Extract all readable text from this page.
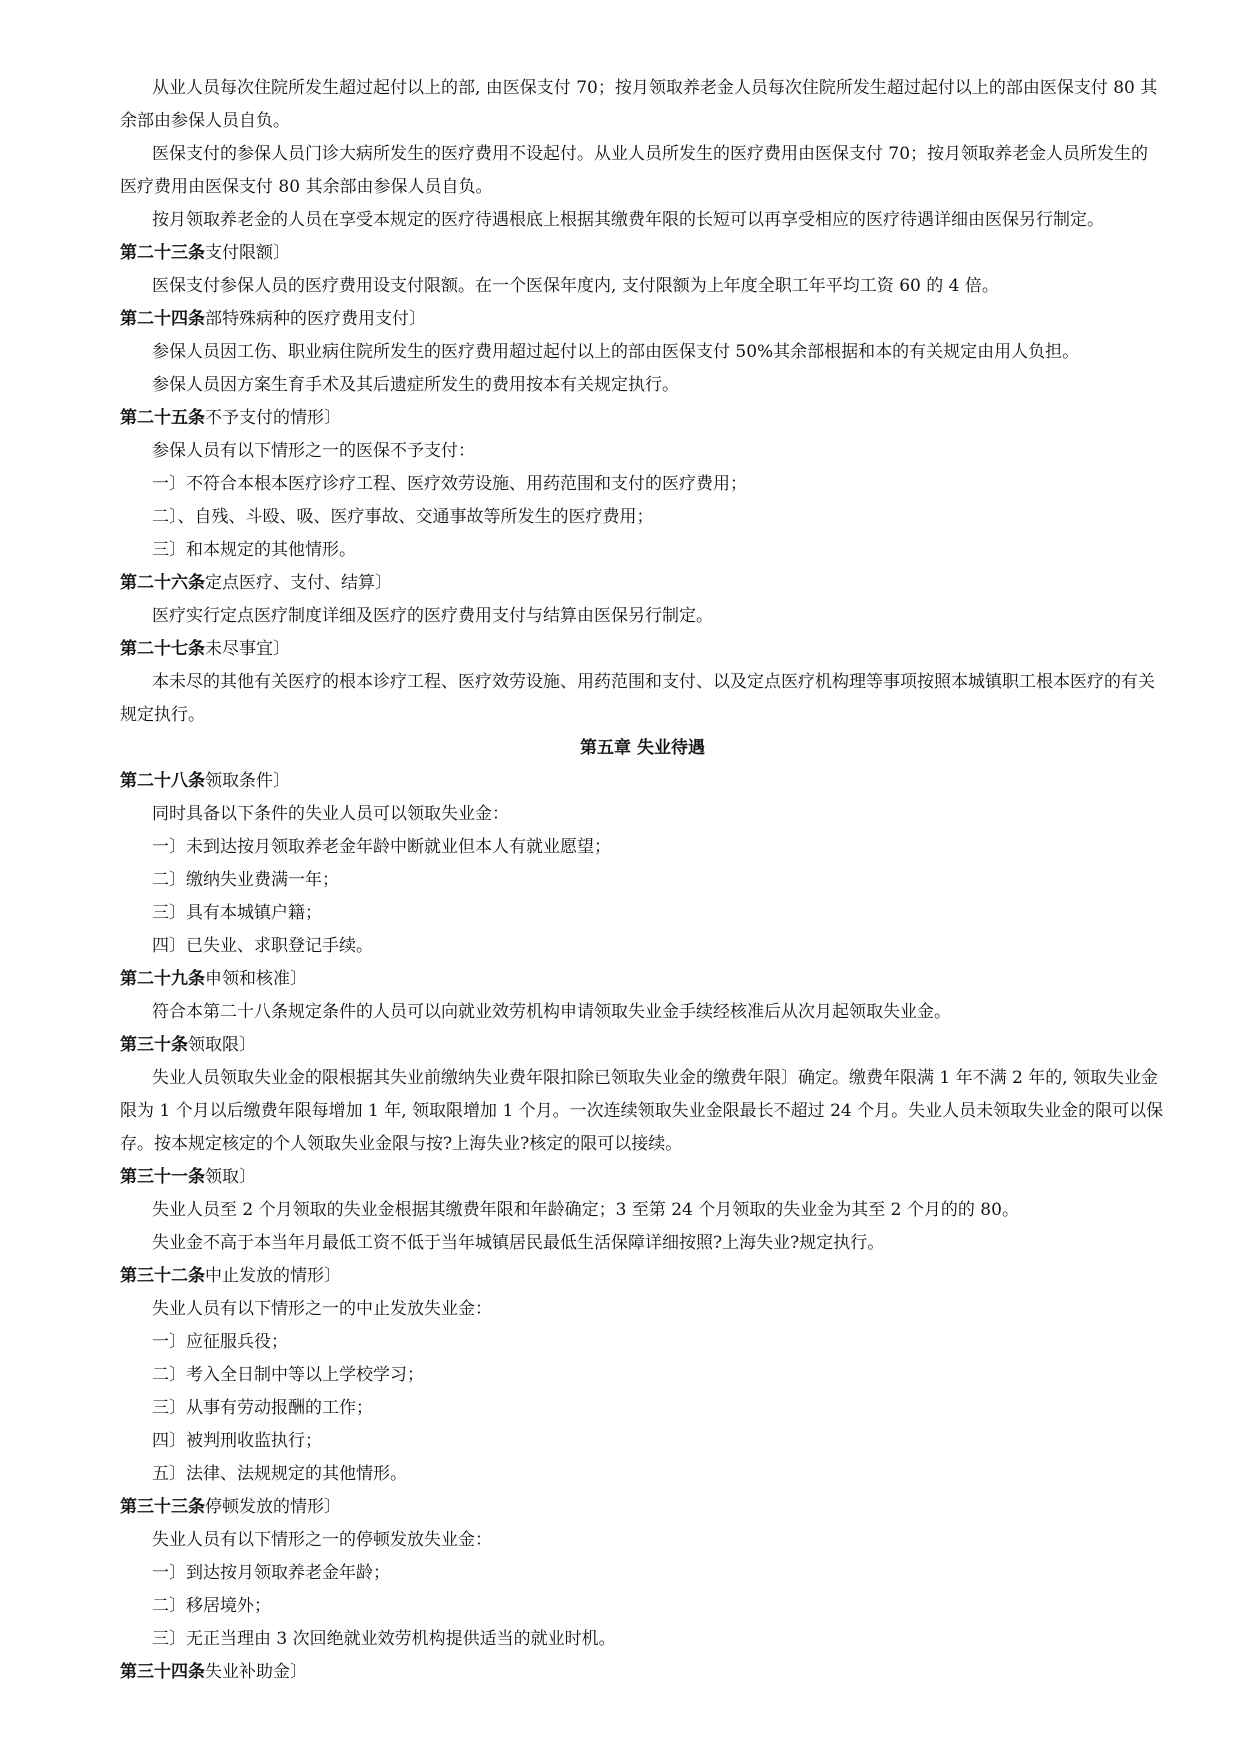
从业人员每次住院所发生超过起付以上的部, 由医保支付 70；按月领取养老金人员每次住院所发生超过起付以上的部由医保支付 80 其余部由参保人员自负。

医保支付的参保人员门诊大病所发生的医疗费用不设起付。从业人员所发生的医疗费用由医保支付 70；按月领取养老金人员所发生的医疗费用由医保支付 80 其余部由参保人员自负。

按月领取养老金的人员在享受本规定的医疗待遇根底上根据其缴费年限的长短可以再享受相应的医疗待遇详细由医保另行制定。

第二十三条支付限额〕

医保支付参保人员的医疗费用设支付限额。在一个医保年度内, 支付限额为上年度全职工年平均工资 60 的 4 倍。

第二十四条部特殊病种的医疗费用支付〕

参保人员因工伤、职业病住院所发生的医疗费用超过起付以上的部由医保支付 50%其余部根据和本的有关规定由用人负担。

参保人员因方案生育手术及其后遗症所发生的费用按本有关规定执行。

第二十五条不予支付的情形〕

参保人员有以下情形之一的医保不予支付：

一〕不符合本根本医疗诊疗工程、医疗效劳设施、用药范围和支付的医疗费用；

二〕、自残、斗殴、吸、医疗事故、交通事故等所发生的医疗费用；

三〕和本规定的其他情形。

第二十六条定点医疗、支付、结算〕

医疗实行定点医疗制度详细及医疗的医疗费用支付与结算由医保另行制定。

第二十七条未尽事宜〕

本未尽的其他有关医疗的根本诊疗工程、医疗效劳设施、用药范围和支付、以及定点医疗机构理等事项按照本城镇职工根本医疗的有关规定执行。

第五章 失业待遇

第二十八条领取条件〕

同时具备以下条件的失业人员可以领取失业金：

一〕未到达按月领取养老金年龄中断就业但本人有就业愿望；

二〕缴纳失业费满一年；

三〕具有本城镇户籍；

四〕已失业、求职登记手续。

第二十九条申领和核准〕

符合本第二十八条规定条件的人员可以向就业效劳机构申请领取失业金手续经核准后从次月起领取失业金。

第三十条领取限〕

失业人员领取失业金的限根据其失业前缴纳失业费年限扣除已领取失业金的缴费年限〕确定。缴费年限满 1 年不满 2 年的, 领取失业金限为 1 个月以后缴费年限每增加 1 年, 领取限增加 1 个月。一次连续领取失业金限最长不超过 24 个月。失业人员未领取失业金的限可以保存。按本规定核定的个人领取失业金限与按?上海失业?核定的限可以接续。

第三十一条领取〕

失业人员至 2 个月领取的失业金根据其缴费年限和年龄确定；3 至第 24 个月领取的失业金为其至 2 个月的的 80。

失业金不高于本当年月最低工资不低于当年城镇居民最低生活保障详细按照?上海失业?规定执行。

第三十二条中止发放的情形〕

失业人员有以下情形之一的中止发放失业金：

一〕应征服兵役；

二〕考入全日制中等以上学校学习；

三〕从事有劳动报酬的工作；

四〕被判刑收监执行；

五〕法律、法规规定的其他情形。

第三十三条停顿发放的情形〕

失业人员有以下情形之一的停顿发放失业金：

一〕到达按月领取养老金年龄；

二〕移居境外；

三〕无正当理由 3 次回绝就业效劳机构提供适当的就业时机。

第三十四条失业补助金〕
